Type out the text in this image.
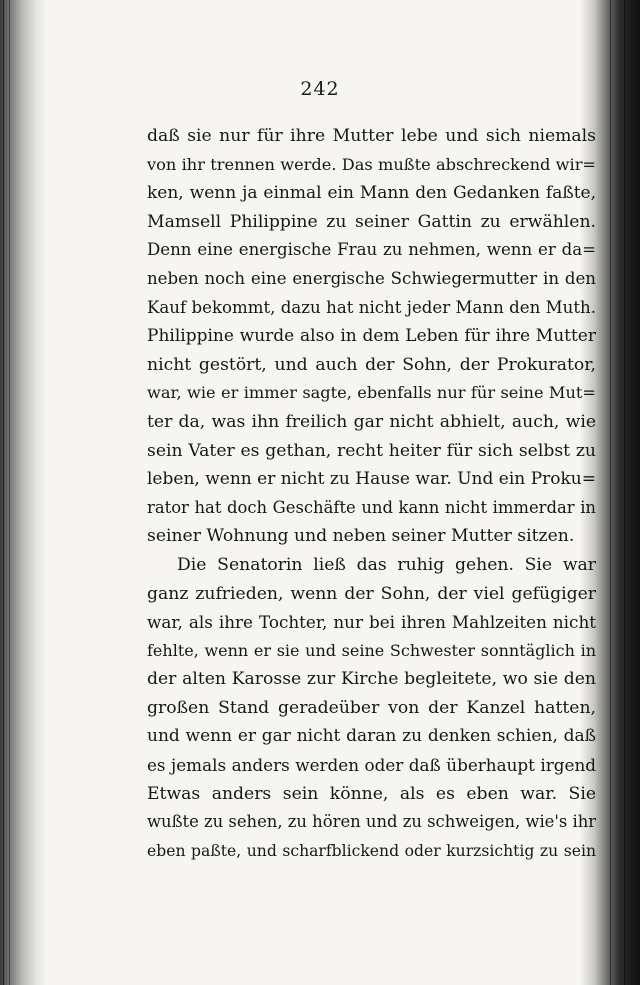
242
daß sie nur für ihre Mutter lebe und sich niemals
von ihr trennen werde. Das mußte abschreckend wir=
ken, wenn ja einmal ein Mann den Gedanken faßte,
Mamsell Philippine zu seiner Gattin zu erwählen.
Denn eine energische Frau zu nehmen, wenn er da=
neben noch eine energische Schwiegermutter in den
Kauf bekommt, dazu hat nicht jeder Mann den Muth.
Philippine wurde also in dem Leben für ihre Mutter
nicht gestört, und auch der Sohn, der Prokurator,
war, wie er immer sagte, ebenfalls nur für seine Mut=
ter da, was ihn freilich gar nicht abhielt, auch, wie
sein Vater es gethan, recht heiter für sich selbst zu
leben, wenn er nicht zu Hause war. Und ein Proku=
rator hat doch Geschäfte und kann nicht immerdar in
seiner Wohnung und neben seiner Mutter sitzen.
Die Senatorin ließ das ruhig gehen. Sie war
ganz zufrieden, wenn der Sohn, der viel gefügiger
war, als ihre Tochter, nur bei ihren Mahlzeiten nicht
fehlte, wenn er sie und seine Schwester sonntäglich in
der alten Karosse zur Kirche begleitete, wo sie den
großen Stand geradeüber von der Kanzel hatten,
und wenn er gar nicht daran zu denken schien, daß
es jemals anders werden oder daß überhaupt irgend
Etwas anders sein könne, als es eben war. Sie
wußte zu sehen, zu hören und zu schweigen, wie's ihr
eben paßte, und scharfblickend oder kurzsichtig zu sein
